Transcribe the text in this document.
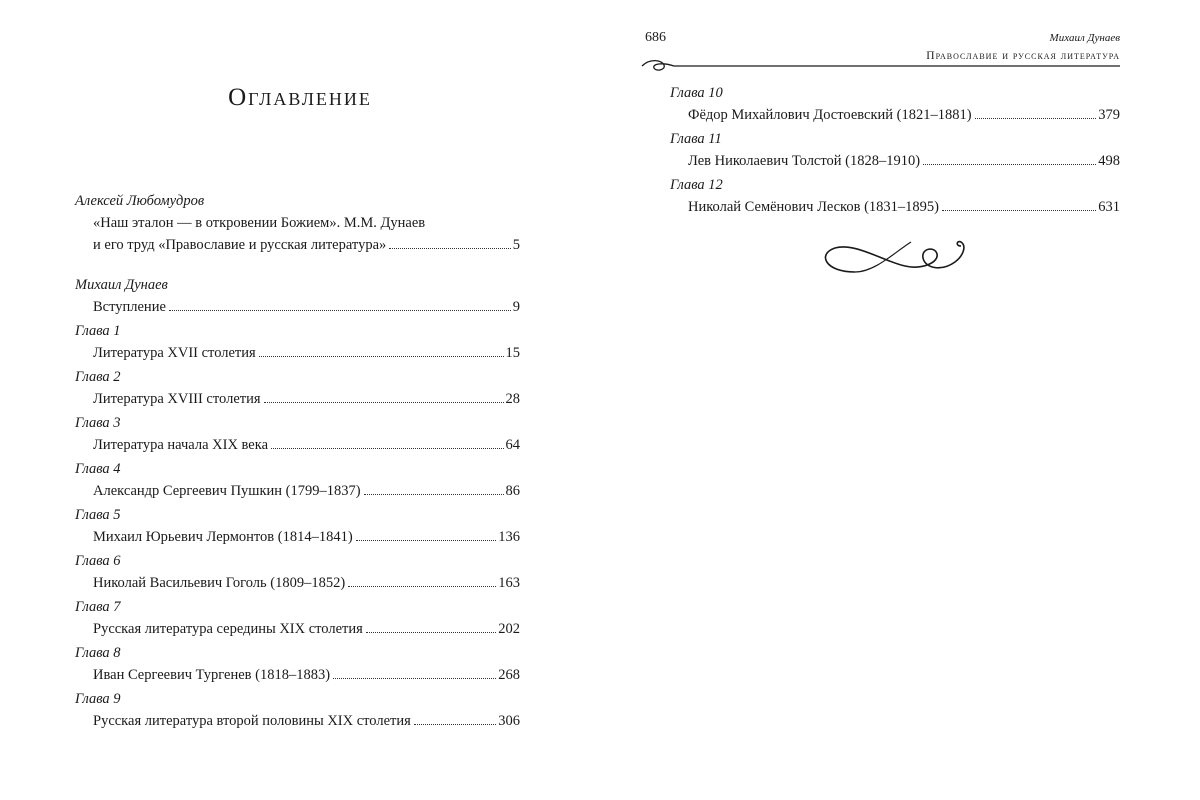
Оглавление

Алексей Любомудров

«Наш эталон — в откровении Божием». М.М. Дунаев
и его труд «Православие и русская литература»	5

Михаил Дунаев

Вступление	9

Глава 1

Литература XVII столетия	15

Глава 2

Литература XVIII столетия	28

Глава 3

Литература начала XIX века	64

Глава 4

Александр Сергеевич Пушкин (1799–1837)	86

Глава 5

Михаил Юрьевич Лермонтов (1814–1841)	136

Глава 6

Николай Васильевич Гоголь (1809–1852)	163

Глава 7

Русская литература середины XIX столетия	202

Глава 8

Иван Сергеевич Тургенев (1818–1883)	268

Глава 9

Русская литература второй половины XIX столетия	306
686	Михаил Дунаев
Православие и русская литература

Глава 10

Фёдор Михайлович Достоевский (1821–1881)	379

Глава 11

Лев Николаевич Толстой (1828–1910)	498

Глава 12

Николай Семёнович Лесков (1831–1895)	631
